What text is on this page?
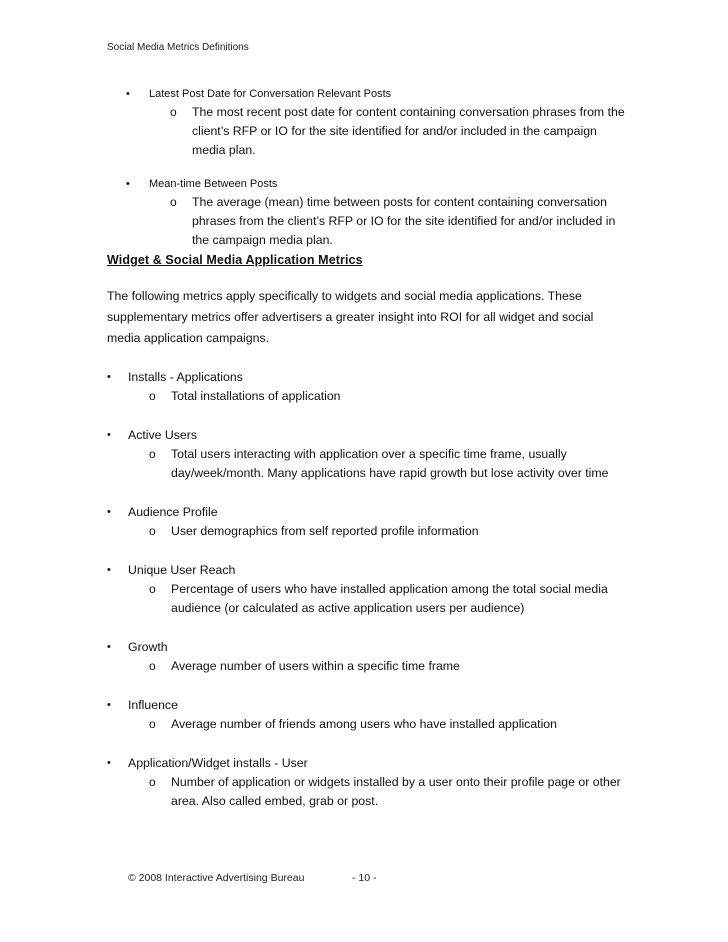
Social Media Metrics Definitions
• Latest Post Date for Conversation Relevant Posts
o The most recent post date for content containing conversation phrases from the client’s RFP or IO for the site identified for and/or included in the campaign media plan.
• Mean-time Between Posts
o The average (mean) time between posts for content containing conversation phrases from the client’s RFP or IO for the site identified for and/or included in the campaign media plan.
Widget & Social Media Application Metrics
The following metrics apply specifically to widgets and social media applications. These supplementary metrics offer advertisers a greater insight into ROI for all widget and social media application campaigns.
• Installs - Applications
o Total installations of application
• Active Users
o Total users interacting with application over a specific time frame, usually day/week/month. Many applications have rapid growth but lose activity over time
• Audience Profile
o User demographics from self reported profile information
• Unique User Reach
o Percentage of users who have installed application among the total social media audience (or calculated as active application users per audience)
• Growth
o Average number of users within a specific time frame
• Influence
o Average number of friends among users who have installed application
• Application/Widget installs - User
o Number of application or widgets installed by a user onto their profile page or other area. Also called embed, grab or post.
© 2008 Interactive Advertising Bureau	- 10 -
